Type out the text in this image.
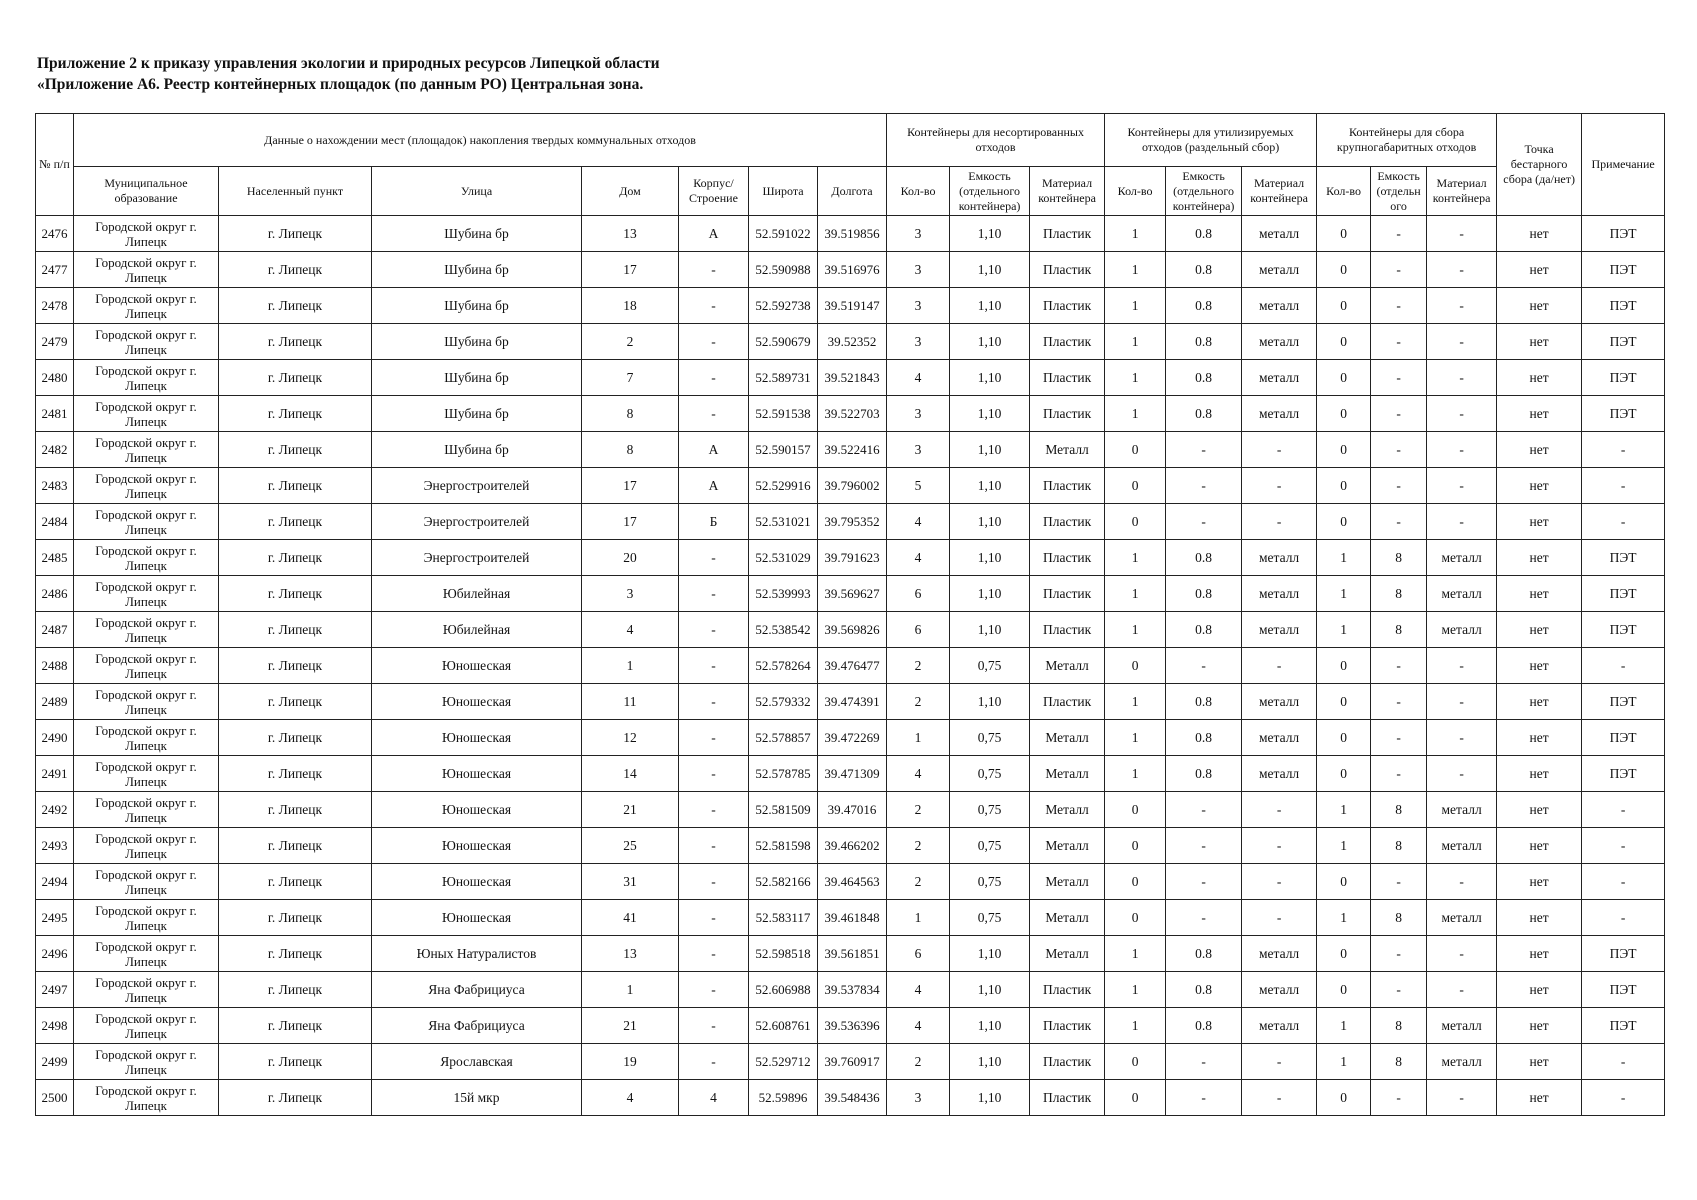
Приложение 2 к приказу управления экологии и природных ресурсов Липецкой области
«Приложение А6. Реестр контейнерных площадок (по данным РО) Центральная зона.
№ п/п	Данные о нахождении мест (площадок) накопления твердых коммунальных отходов							Контейнеры для несортированных отходов			Контейнеры для утилизируемых отходов (раздельный сбор)			Контейнеры для сбора крупногабаритных отходов			Точка бестарного сбора (да/нет)	Примечание
	Муниципальное образование	Населенный пункт	Улица	Дом	Корпус/ Строение	Широта	Долгота	Кол-во	Емкость (отдельного контейнера)	Материал контейнера	Кол-во	Емкость (отдельного контейнера)	Материал контейнера	Кол-во	Емкость (отдельн ого	Материал контейнера		
2476	Городской округ г. Липецк	г. Липецк	Шубина бр	13	А	52.591022	39.519856	3	1,10	Пластик	1	0.8	металл	0	-	-	нет	ПЭТ
2477	Городской округ г. Липецк	г. Липецк	Шубина бр	17	-	52.590988	39.516976	3	1,10	Пластик	1	0.8	металл	0	-	-	нет	ПЭТ
2478	Городской округ г. Липецк	г. Липецк	Шубина бр	18	-	52.592738	39.519147	3	1,10	Пластик	1	0.8	металл	0	-	-	нет	ПЭТ
2479	Городской округ г. Липецк	г. Липецк	Шубина бр	2	-	52.590679	39.52352	3	1,10	Пластик	1	0.8	металл	0	-	-	нет	ПЭТ
2480	Городской округ г. Липецк	г. Липецк	Шубина бр	7	-	52.589731	39.521843	4	1,10	Пластик	1	0.8	металл	0	-	-	нет	ПЭТ
2481	Городской округ г. Липецк	г. Липецк	Шубина бр	8	-	52.591538	39.522703	3	1,10	Пластик	1	0.8	металл	0	-	-	нет	ПЭТ
2482	Городской округ г. Липецк	г. Липецк	Шубина бр	8	А	52.590157	39.522416	3	1,10	Металл	0	-	-	0	-	-	нет	-
2483	Городской округ г. Липецк	г. Липецк	Энергостроителей	17	А	52.529916	39.796002	5	1,10	Пластик	0	-	-	0	-	-	нет	-
2484	Городской округ г. Липецк	г. Липецк	Энергостроителей	17	Б	52.531021	39.795352	4	1,10	Пластик	0	-	-	0	-	-	нет	-
2485	Городской округ г. Липецк	г. Липецк	Энергостроителей	20	-	52.531029	39.791623	4	1,10	Пластик	1	0.8	металл	1	8	металл	нет	ПЭТ
2486	Городской округ г. Липецк	г. Липецк	Юбилейная	3	-	52.539993	39.569627	6	1,10	Пластик	1	0.8	металл	1	8	металл	нет	ПЭТ
2487	Городской округ г. Липецк	г. Липецк	Юбилейная	4	-	52.538542	39.569826	6	1,10	Пластик	1	0.8	металл	1	8	металл	нет	ПЭТ
2488	Городской округ г. Липецк	г. Липецк	Юношеская	1	-	52.578264	39.476477	2	0,75	Металл	0	-	-	0	-	-	нет	-
2489	Городской округ г. Липецк	г. Липецк	Юношеская	11	-	52.579332	39.474391	2	1,10	Пластик	1	0.8	металл	0	-	-	нет	ПЭТ
2490	Городской округ г. Липецк	г. Липецк	Юношеская	12	-	52.578857	39.472269	1	0,75	Металл	1	0.8	металл	0	-	-	нет	ПЭТ
2491	Городской округ г. Липецк	г. Липецк	Юношеская	14	-	52.578785	39.471309	4	0,75	Металл	1	0.8	металл	0	-	-	нет	ПЭТ
2492	Городской округ г. Липецк	г. Липецк	Юношеская	21	-	52.581509	39.47016	2	0,75	Металл	0	-	-	1	8	металл	нет	-
2493	Городской округ г. Липецк	г. Липецк	Юношеская	25	-	52.581598	39.466202	2	0,75	Металл	0	-	-	1	8	металл	нет	-
2494	Городской округ г. Липецк	г. Липецк	Юношеская	31	-	52.582166	39.464563	2	0,75	Металл	0	-	-	0	-	-	нет	-
2495	Городской округ г. Липецк	г. Липецк	Юношеская	41	-	52.583117	39.461848	1	0,75	Металл	0	-	-	1	8	металл	нет	-
2496	Городской округ г. Липецк	г. Липецк	Юных Натуралистов	13	-	52.598518	39.561851	6	1,10	Металл	1	0.8	металл	0	-	-	нет	ПЭТ
2497	Городской округ г. Липецк	г. Липецк	Яна Фабрициуса	1	-	52.606988	39.537834	4	1,10	Пластик	1	0.8	металл	0	-	-	нет	ПЭТ
2498	Городской округ г. Липецк	г. Липецк	Яна Фабрициуса	21	-	52.608761	39.536396	4	1,10	Пластик	1	0.8	металл	1	8	металл	нет	ПЭТ
2499	Городской округ г. Липецк	г. Липецк	Ярославская	19	-	52.529712	39.760917	2	1,10	Пластик	0	-	-	1	8	металл	нет	-
2500	Городской округ г. Липецк	г. Липецк	15й мкр	4	4	52.59896	39.548436	3	1,10	Пластик	0	-	-	0	-	-	нет	-
